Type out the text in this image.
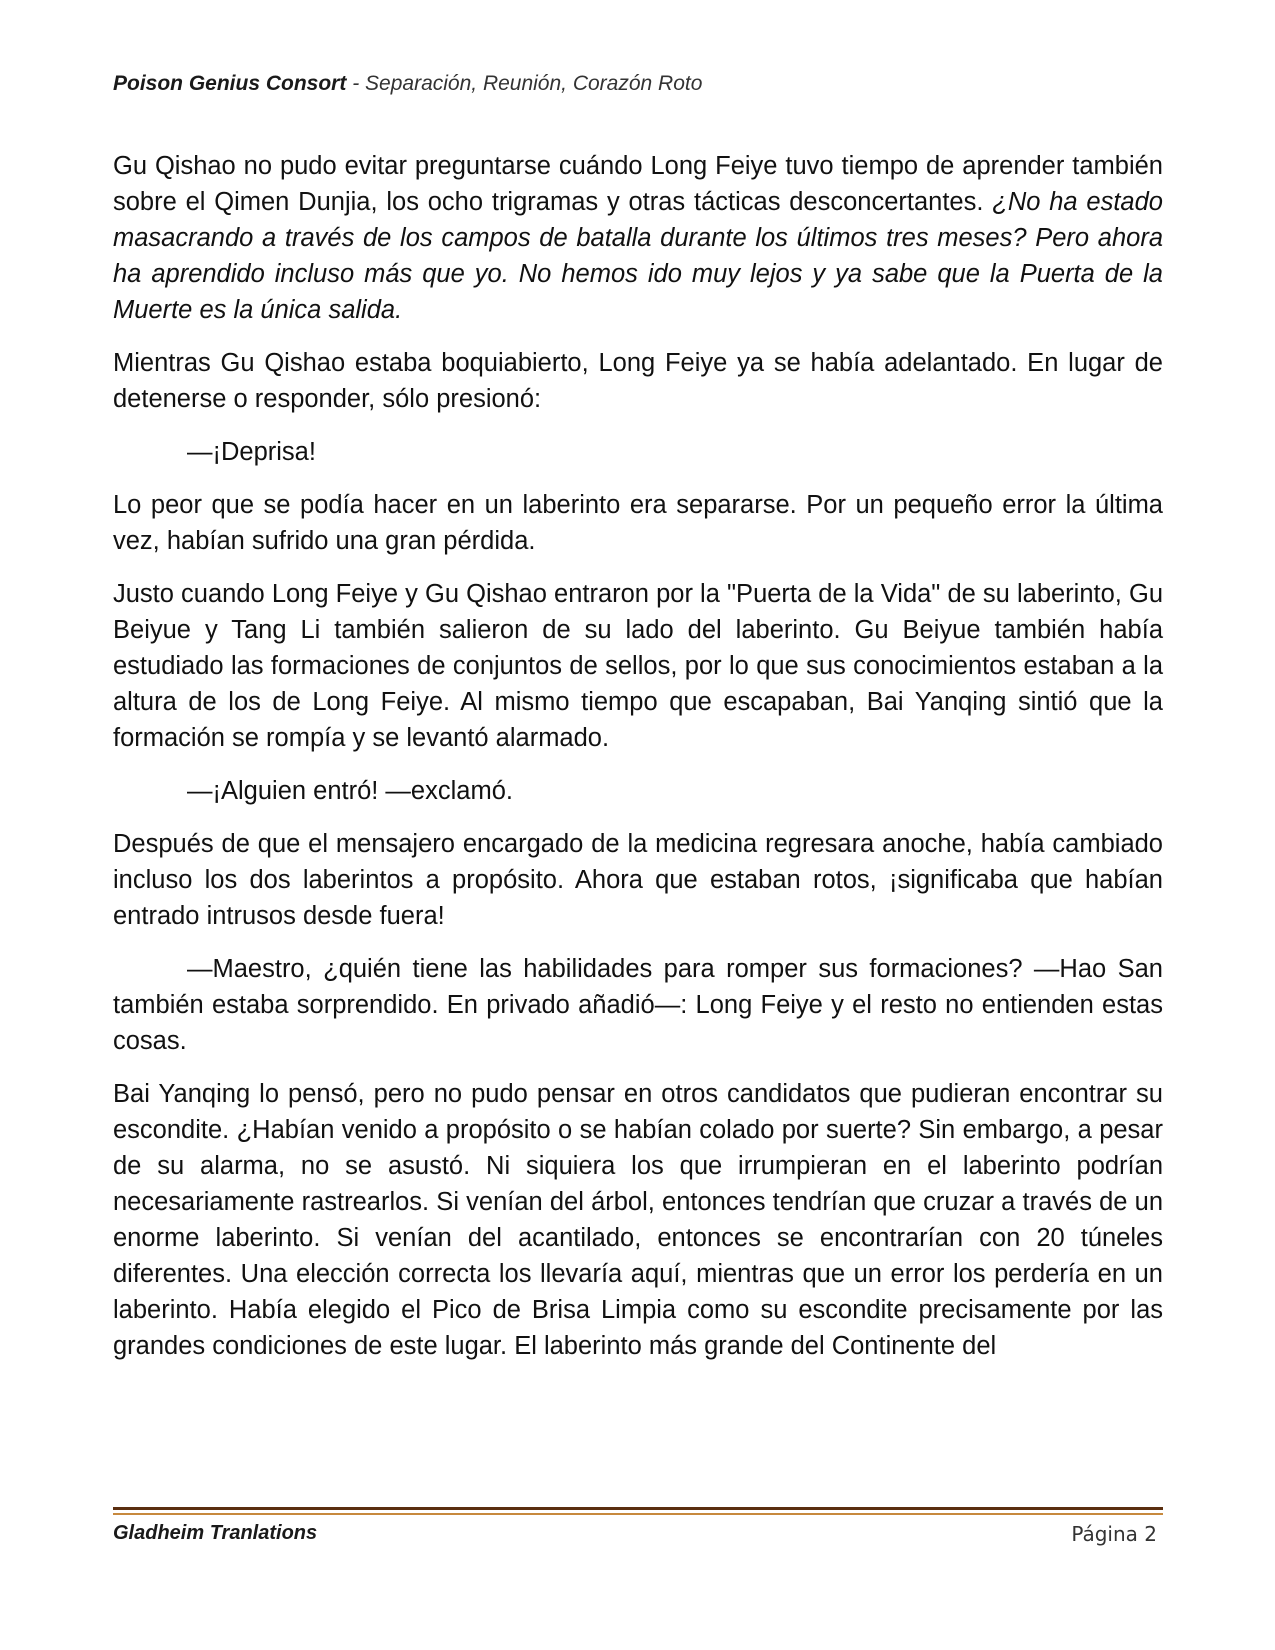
Poison Genius Consort - Separación, Reunión, Corazón Roto

Gu Qishao no pudo evitar preguntarse cuándo Long Feiye tuvo tiempo de aprender también sobre el Qimen Dunjia, los ocho trigramas y otras tácticas desconcertantes. ¿No ha estado masacrando a través de los campos de batalla durante los últimos tres meses? Pero ahora ha aprendido incluso más que yo. No hemos ido muy lejos y ya sabe que la Puerta de la Muerte es la única salida.

Mientras Gu Qishao estaba boquiabierto, Long Feiye ya se había adelantado. En lugar de detenerse o responder, sólo presionó:

—¡Deprisa!

Lo peor que se podía hacer en un laberinto era separarse. Por un pequeño error la última vez, habían sufrido una gran pérdida.

Justo cuando Long Feiye y Gu Qishao entraron por la "Puerta de la Vida" de su laberinto, Gu Beiyue y Tang Li también salieron de su lado del laberinto. Gu Beiyue también había estudiado las formaciones de conjuntos de sellos, por lo que sus conocimientos estaban a la altura de los de Long Feiye. Al mismo tiempo que escapaban, Bai Yanqing sintió que la formación se rompía y se levantó alarmado.

—¡Alguien entró! —exclamó.

Después de que el mensajero encargado de la medicina regresara anoche, había cambiado incluso los dos laberintos a propósito. Ahora que estaban rotos, ¡significaba que habían entrado intrusos desde fuera!

—Maestro, ¿quién tiene las habilidades para romper sus formaciones? —Hao San también estaba sorprendido. En privado añadió—: Long Feiye y el resto no entienden estas cosas.

Bai Yanqing lo pensó, pero no pudo pensar en otros candidatos que pudieran encontrar su escondite. ¿Habían venido a propósito o se habían colado por suerte? Sin embargo, a pesar de su alarma, no se asustó. Ni siquiera los que irrumpieran en el laberinto podrían necesariamente rastrearlos. Si venían del árbol, entonces tendrían que cruzar a través de un enorme laberinto. Si venían del acantilado, entonces se encontrarían con 20 túneles diferentes. Una elección correcta los llevaría aquí, mientras que un error los perdería en un laberinto. Había elegido el Pico de Brisa Limpia como su escondite precisamente por las grandes condiciones de este lugar. El laberinto más grande del Continente del

Gladheim Tranlations	Página 2
